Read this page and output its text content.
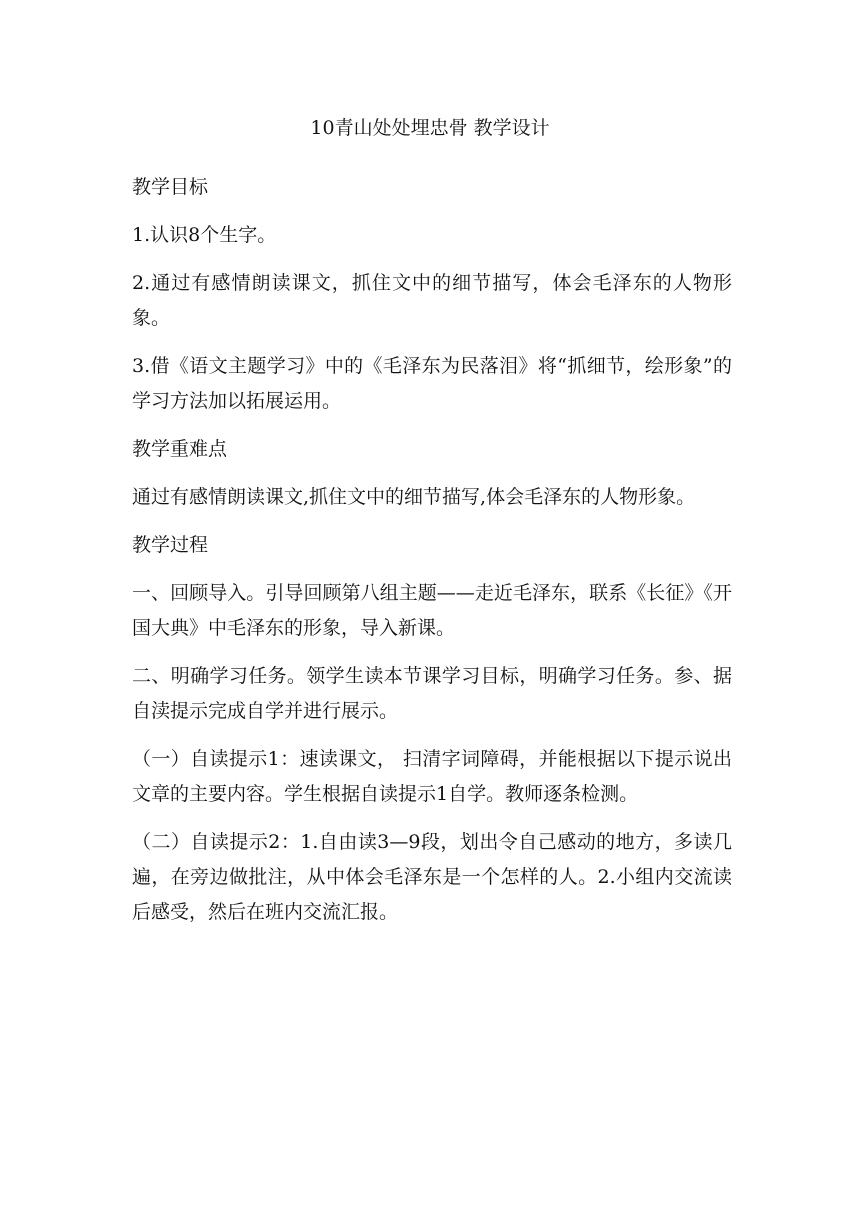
10青山处处埋忠骨 教学设计

教学目标

1.认识8个生字。

2.通过有感情朗读课文，抓住文中的细节描写，体会毛泽东的人物形象。

3.借《语文主题学习》中的《毛泽东为民落泪》将“抓细节，绘形象”的学习方法加以拓展运用。

教学重难点

通过有感情朗读课文,抓住文中的细节描写,体会毛泽东的人物形象。

教学过程

一、回顾导入。引导回顾第八组主题——走近毛泽东，联系《长征》《开国大典》中毛泽东的形象，导入新课。

二、明确学习任务。领学生读本节课学习目标，明确学习任务。参、据自渎提示完成自学并进行展示。

（一）自读提示1：速读课文， 扫清字词障碍，并能根据以下提示说出文章的主要内容。学生根据自读提示1自学。教师逐条检测。

（二）自读提示2：1.自由读3—9段，划出令自己感动的地方，多读几遍，在旁边做批注，从中体会毛泽东是一个怎样的人。2.小组内交流读后感受，然后在班内交流汇报。
